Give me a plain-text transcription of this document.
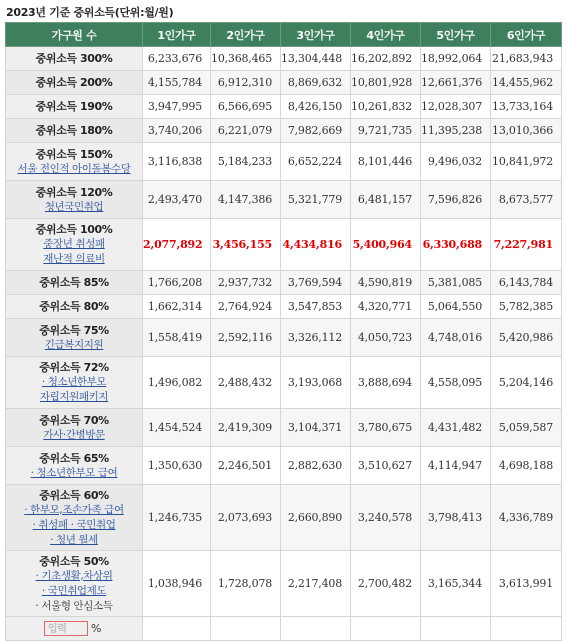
2023년 기준 중위소득(단위:월/원)
가구원 수	1인가구	2인가구	3인가구	4인가구	5인가구	6인가구
중위소득 300%	6,233,676	10,368,465	13,304,448	16,202,892	18,992,064	21,683,943
중위소득 200%	4,155,784	6,912,310	8,869,632	10,801,928	12,661,376	14,455,962
중위소득 190%	3,947,995	6,566,695	8,426,150	10,261,832	12,028,307	13,733,164
중위소득 180%	3,740,206	6,221,079	7,982,669	9,721,735	11,395,238	13,010,366
중위소득 150%
서울 전인적 아이돌봄수당	3,116,838	5,184,233	6,652,224	8,101,446	9,496,032	10,841,972
중위소득 120%
청년국민취업	2,493,470	4,147,386	5,321,779	6,481,157	7,596,826	8,673,577
중위소득 100%
중장년 취성패
재난적 의료비	2,077,892	3,456,155	4,434,816	5,400,964	6,330,688	7,227,981
중위소득 85%	1,766,208	2,937,732	3,769,594	4,590,819	5,381,085	6,143,784
중위소득 80%	1,662,314	2,764,924	3,547,853	4,320,771	5,064,550	5,782,385
중위소득 75%
긴급복지지원	1,558,419	2,592,116	3,326,112	4,050,723	4,748,016	5,420,986
중위소득 72%
· 청소년한부모
자립지원패키지	1,496,082	2,488,432	3,193,068	3,888,694	4,558,095	5,204,146
중위소득 70%
가사·간병방문	1,454,524	2,419,309	3,104,371	3,780,675	4,431,482	5,059,587
중위소득 65%
· 청소년한부모 급여	1,350,630	2,246,501	2,882,630	3,510,627	4,114,947	4,698,188
중위소득 60%
· 한부모,조손가족 급여
· 취성패 · 국민취업
· 청년 월세	1,246,735	2,073,693	2,660,890	3,240,578	3,798,413	4,336,789
중위소득 50%
· 기초생활,차상위
· 국민취업제도
· 서울형 안심소득	1,038,946	1,728,078	2,217,408	2,700,482	3,165,344	3,613,991
입력 %						
